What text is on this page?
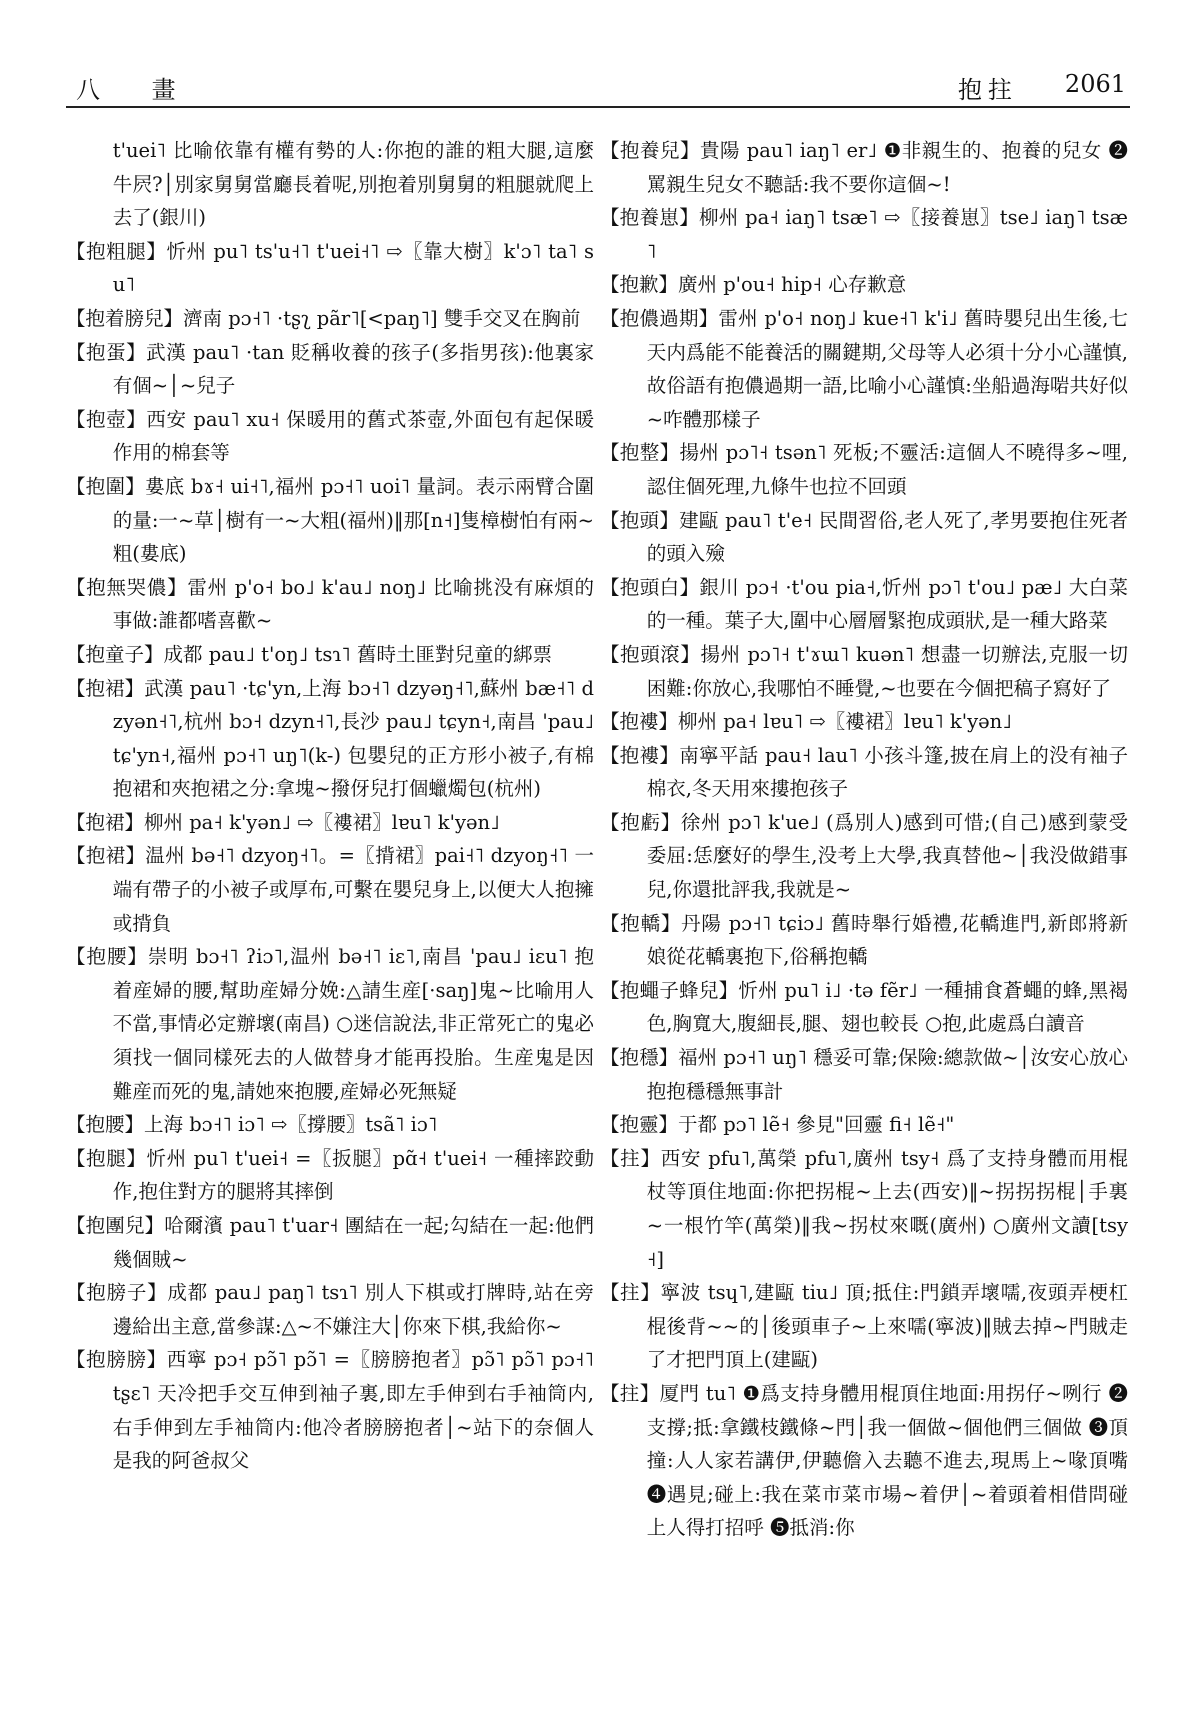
八 畫	抱拄 2061

t'uei˥ 比喻依靠有權有勢的人:你抱的誰的粗大腿,這麼牛屄?│別家舅舅當廳長着呢,別抱着別舅舅的粗腿就爬上去了(銀川)

【抱粗腿】忻州 pu˥ ts'u˧˥ t'uei˧˥ ⇨〖靠大樹〗k'ɔ˥ ta˥ su˥

【抱着膀兒】濟南 pɔ˧˥ ·tʂʅ pãr˥[<paŋ˥] 雙手交叉在胸前

【抱蛋】武漢 pau˥ ·tan 貶稱收養的孩子(多指男孩):他裏家有個~│~兒子

【抱壺】西安 pau˥ xu˧ 保暖用的舊式茶壺,外面包有起保暖作用的棉套等

【抱圍】婁底 bɤ˧ ui˧˥,福州 pɔ˧˥ uoi˥ 量詞。表示兩臂合圍的量:一~草│樹有一~大粗(福州)‖那[n˧]隻樟樹怕有兩~粗(婁底)

【抱無哭儂】雷州 p'o˧ bo˩ k'au˩ noŋ˩ 比喻挑没有麻煩的事做:誰都嗜喜歡~

【抱童子】成都 pau˩ t'oŋ˩ tsɿ˥ 舊時土匪對兒童的綁票

【抱裙】武漢 pau˥ ·tɕ'yn,上海 bɔ˧˥ dzyəŋ˧˥,蘇州 bæ˧˥ dzyən˧˥,杭州 bɔ˧ dzyn˧˥,長沙 pau˩ tɕyn˧,南昌 'pau˩ tɕ'yn˧,福州 pɔ˧˥ uŋ˥(k-) 包嬰兒的正方形小被子,有棉抱裙和夾抱裙之分:拿塊~撥伢兒打個蠟燭包(杭州)

【抱裙】柳州 pa˧ k'yən˩ ⇨〖褸裙〗lɐu˥ k'yən˩

【抱裙】温州 bə˧˥ dzyoŋ˧˥。=〖揹裙〗pai˧˥ dzyoŋ˧˥ 一端有帶子的小被子或厚布,可繫在嬰兒身上,以便大人抱擁或揹負

【抱腰】崇明 bɔ˧˥ ʔiɔ˥,温州 bə˧˥ iɛ˥,南昌 'pau˩ iɛu˥ 抱着産婦的腰,幫助産婦分娩:△請生産[·saŋ]鬼~比喻用人不當,事情必定辦壞(南昌) ○迷信說法,非正常死亡的鬼必須找一個同樣死去的人做替身才能再投胎。生産鬼是因難産而死的鬼,請她來抱腰,産婦必死無疑

【抱腰】上海 bɔ˧˥ iɔ˥ ⇨〖撐腰〗tsã˥ iɔ˥

【抱腿】忻州 pu˥ t'uei˧ =〖扳腿〗pɑ̃˧ t'uei˧ 一種摔跤動作,抱住對方的腿將其摔倒

【抱團兒】哈爾濱 pau˥ t'uar˧ 團結在一起;勾結在一起:他們幾個賊~

【抱膀子】成都 pau˩ paŋ˥ tsɿ˥ 別人下棋或打牌時,站在旁邊給出主意,當參謀:△~不嫌注大│你來下棋,我給你~

【抱膀膀】西寧 pɔ˧ pɔ̃˥ pɔ̃˥ =〖膀膀抱者〗pɔ̃˥ pɔ̃˥ pɔ˧˥ tʂɛ˥ 天冷把手交互伸到袖子裏,即左手伸到右手袖筒内,右手伸到左手袖筒内:他冷者膀膀抱者│~站下的奈個人是我的阿爸叔父

【抱養兒】貴陽 pau˥ iaŋ˥ er˩ ❶非親生的、抱養的兒女 ❷罵親生兒女不聽話:我不要你這個~!

【抱養崽】柳州 pa˧ iaŋ˥ tsæ˥ ⇨〖接養崽〗tse˩ iaŋ˥ tsæ˥

【抱歉】廣州 p'ou˧ hip˧ 心存歉意

【抱儂過期】雷州 p'o˧ noŋ˩ kue˧˥ k'i˩ 舊時嬰兒出生後,七天内爲能不能養活的關鍵期,父母等人必須十分小心謹慎,故俗語有抱儂過期一語,比喻小心謹慎:坐船過海啱共好似~咋體那樣子

【抱整】揚州 pɔ˥˧ tsən˥ 死板;不靈活:這個人不曉得多~哩,認住個死理,九條牛也拉不回頭

【抱頭】建甌 pau˥ t'e˧ 民間習俗,老人死了,孝男要抱住死者的頭入殮

【抱頭白】銀川 pɔ˧ ·t'ou pia˧,忻州 pɔ˥ t'ou˩ pæ˩ 大白菜的一種。葉子大,圍中心層層緊抱成頭狀,是一種大路菜

【抱頭滾】揚州 pɔ˥˧ t'ɤɯ˥ kuən˥ 想盡一切辦法,克服一切困難:你放心,我哪怕不睡覺,~也要在今個把稿子寫好了

【抱褸】柳州 pa˧ lɐu˥ ⇨〖褸裙〗lɐu˥ k'yən˩

【抱褸】南寧平話 pau˧ lau˥ 小孩斗篷,披在肩上的没有袖子棉衣,冬天用來摟抱孩子

【抱虧】徐州 pɔ˥ k'ue˩ (爲別人)感到可惜;(自己)感到蒙受委屈:恁麼好的學生,没考上大學,我真替他~│我没做錯事兒,你還批評我,我就是~

【抱轎】丹陽 pɔ˧˥ tɕiɔ˩ 舊時舉行婚禮,花轎進門,新郎將新娘從花轎裏抱下,俗稱抱轎

【抱蠅子蜂兒】忻州 pu˥ i˩ ·tə fẽr˩ 一種捕食蒼蠅的蜂,黑褐色,胸寬大,腹細長,腿、翅也較長 ○抱,此處爲白讀音

【抱穩】福州 pɔ˧˥ uŋ˥ 穩妥可靠;保險:總款做~│汝安心放心抱抱穩穩無事計

【抱靈】于都 pɔ˥ lẽ˧ 參見"回靈 fi˧ lẽ˧"

【拄】西安 pfu˥,萬榮 pfu˥,廣州 tsy˧ 爲了支持身體而用棍杖等頂住地面:你把拐棍~上去(西安)‖~拐拐拐棍│手裏~一根竹竿(萬榮)‖我~拐杖來嘅(廣州) ○廣州文讀[tsy˧]

【拄】寧波 tsɥ˥,建甌 tiu˩ 頂;抵住:門鎖弄壞嚅,夜頭弄梗杠棍後背~~的│後頭車子~上來嚅(寧波)‖賊去掉~門賊走了才把門頂上(建甌)

【拄】厦門 tu˥ ❶爲支持身體用棍頂住地面:用拐仔~咧行 ❷支撐;抵:拿鐵枝鐵條~門│我一個做~個他們三個做 ❸頂撞:人人家若講伊,伊聽儋入去聽不進去,現馬上~喙頂嘴 ❹遇見;碰上:我在菜市菜市場~着伊│~着頭着相借問碰上人得打招呼 ❺抵消:你
